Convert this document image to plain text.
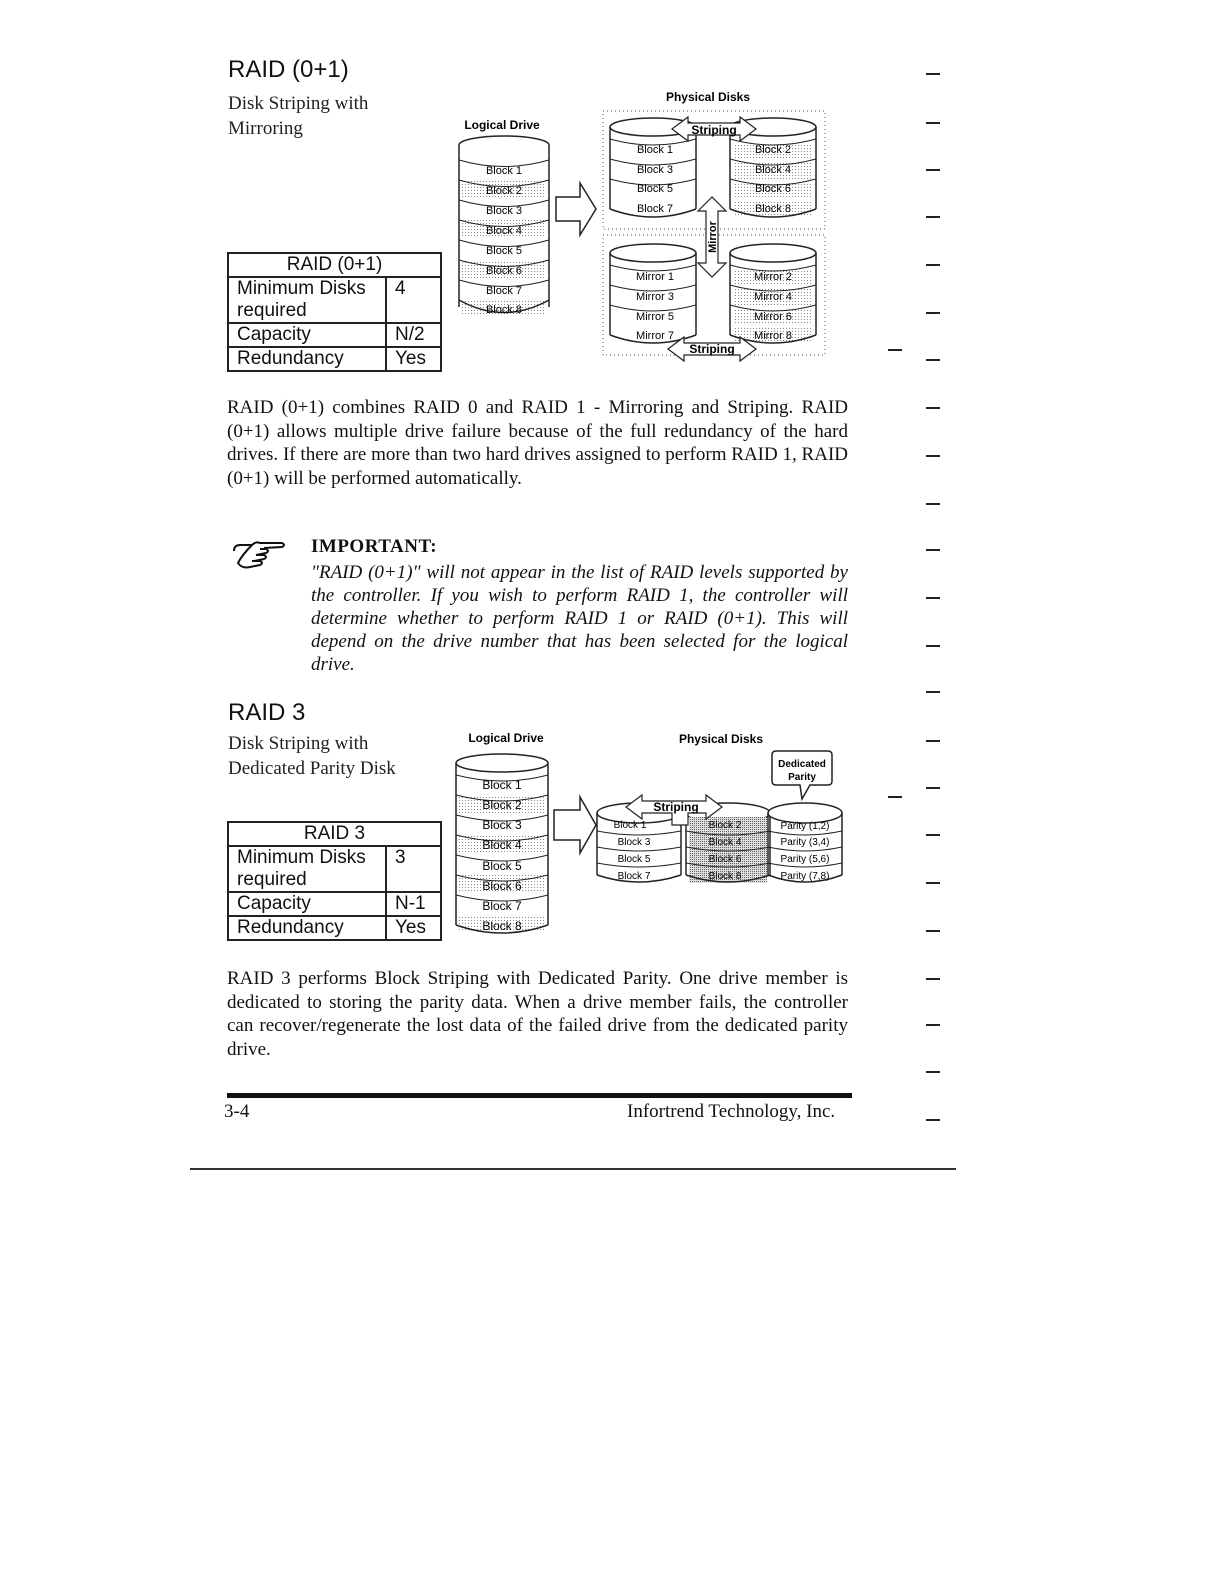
RAID (0+1)
Disk Striping with
Mirroring
RAID (0+1)	
Minimum Disks required	4
Capacity	N/2
Redundancy	Yes
Logical Drive
Physical Disks
Block 1
Block 2
Block 3
Block 4
Block 5
Block 6
Block 7
Block 8
Block 1
Block 3
Block 5
Block 7
Block 2
Block 4
Block 6
Block 8
Striping
Mirror 1
Mirror 3
Mirror 5
Mirror 7
Mirror 2
Mirror 4
Mirror 6
Mirror 8
Mirror
Striping
RAID (0+1) combines RAID 0 and RAID 1 - Mirroring and Striping. RAID (0+1) allows multiple drive failure because of the full redundancy of the hard drives. If there are more than two hard drives assigned to perform RAID 1, RAID (0+1) will be performed automatically.
IMPORTANT:
"RAID (0+1)" will not appear in the list of RAID levels supported by the controller. If you wish to perform RAID 1, the controller will determine whether to perform RAID 1 or RAID (0+1). This will depend on the drive number that has been selected for the logical drive.
RAID 3
Disk Striping with
Dedicated Parity Disk
RAID 3	
Minimum Disks required	3
Capacity	N-1
Redundancy	Yes
Logical Drive	Physical Disks
Block 1
Block 2
Block 3
Block 4
Block 5
Block 6
Block 7
Block 8
Block 1
Block 3
Block 5
Block 7
Block 2
Block 4
Block 6
Block 8
Striping
Parity (1,2)
Parity (3,4)
Parity (5,6)
Parity (7,8)
Dedicated
Parity
RAID 3 performs Block Striping with Dedicated Parity. One drive member is dedicated to storing the parity data. When a drive member fails, the controller can recover/regenerate the lost data of the failed drive from the dedicated parity drive.
3-4	Infortrend Technology, Inc.
